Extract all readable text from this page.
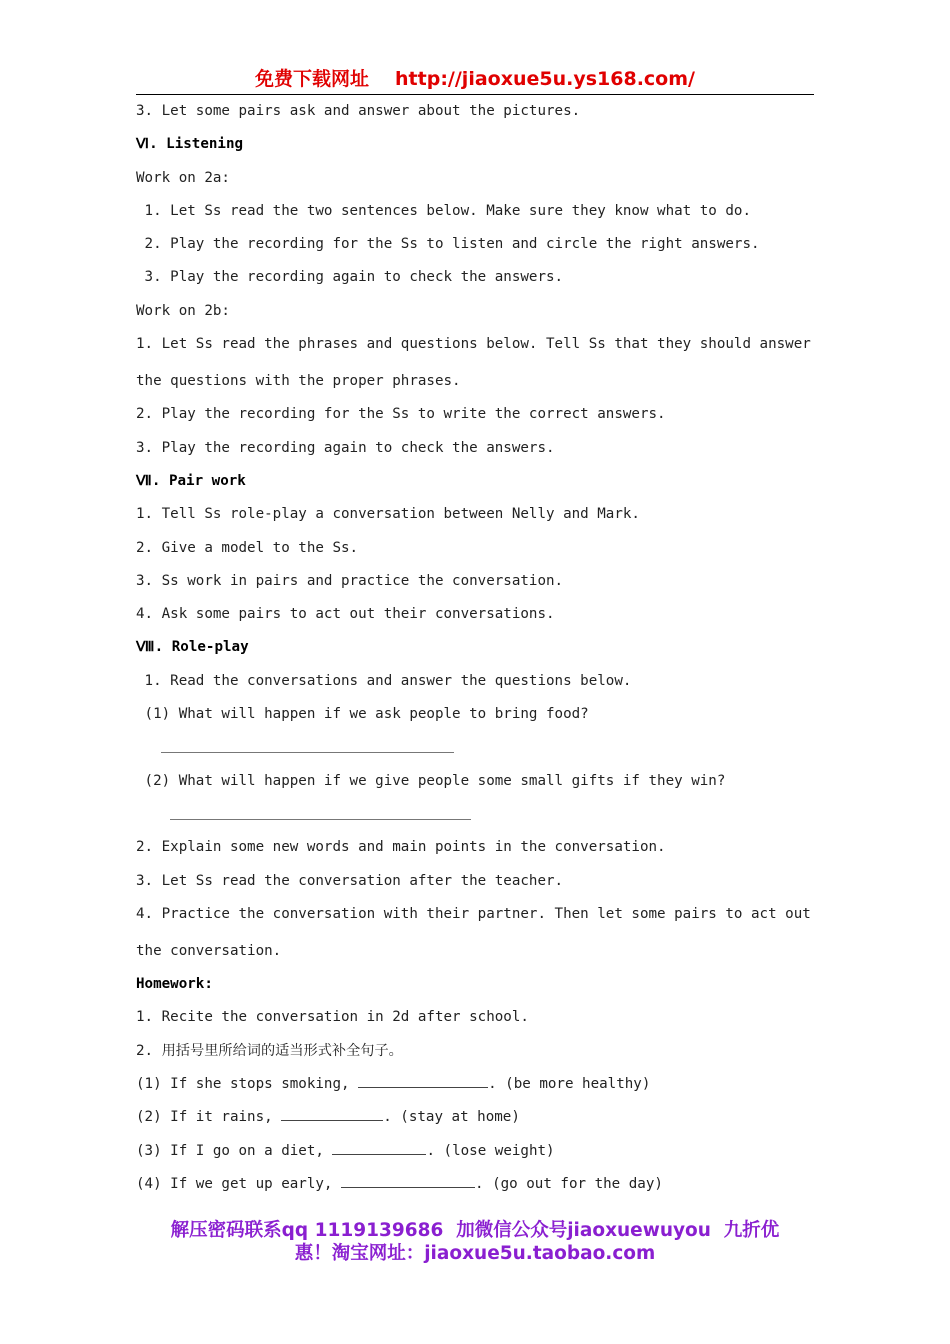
免费下载网址 http://jiaoxue5u.ys168.com/
3. Let some pairs ask and answer about the pictures.
Ⅵ. Listening
Work on 2a:
1. Let Ss read the two sentences below. Make sure they know what to do.
2. Play the recording for the Ss to listen and circle the right answers.
3. Play the recording again to check the answers.
Work on 2b:
1. Let Ss read the phrases and questions below. Tell Ss that they should answer
the questions with the proper phrases.
2. Play the recording for the Ss to write the correct answers.
3. Play the recording again to check the answers.
Ⅶ. Pair work
1. Tell Ss role-play a conversation between Nelly and Mark.
2. Give a model to the Ss.
3. Ss work in pairs and practice the conversation.
4. Ask some pairs to act out their conversations.
Ⅷ. Role-play
1. Read the conversations and answer the questions below.
(1) What will happen if we ask people to bring food?
(2) What will happen if we give people some small gifts if they win?
2. Explain some new words and main points in the conversation.
3. Let Ss read the conversation after the teacher.
4. Practice the conversation with their partner. Then let some pairs to act out
the conversation.
Homework:
1. Recite the conversation in 2d after school.
2. 用括号里所给词的适当形式补全句子。
(1) If she stops smoking,	. (be more healthy)
(2) If it rains,	. (stay at home)
(3) If I go on a diet,	. (lose weight)
(4) If we get up early,	. (go out for the day)
解压密码联系qq 1119139686  加微信公众号jiaoxuewuyou  九折优
惠！淘宝网址：jiaoxue5u.taobao.com
